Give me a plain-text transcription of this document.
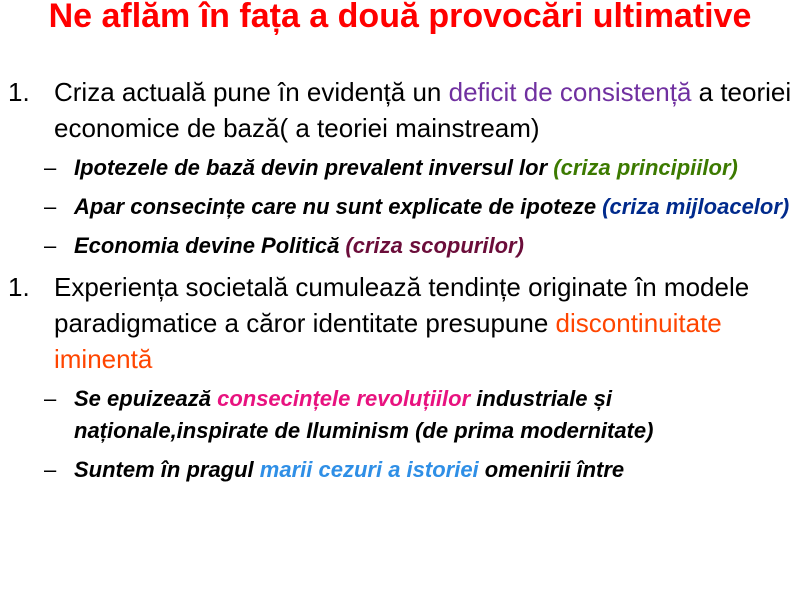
Ne aflăm în fața a două provocări ultimative
1. Criza actuală pune în evidență un deficit de consistență a teoriei economice de bază( a teoriei mainstream)
– Ipotezele de bază devin prevalent inversul lor (criza principiilor)
– Apar consecințe care nu sunt explicate de ipoteze (criza mijloacelor)
– Economia devine Politică (criza scopurilor)
1. Experiența societală cumulează tendințe originate în modele paradigmatice a căror identitate presupune discontinuitate iminentă
– Se epuizează consecințele revoluțiilor industriale și naționale,inspirate de Iluminism (de prima modernitate)
– Suntem în pragul marii cezuri a istoriei omenirii între
